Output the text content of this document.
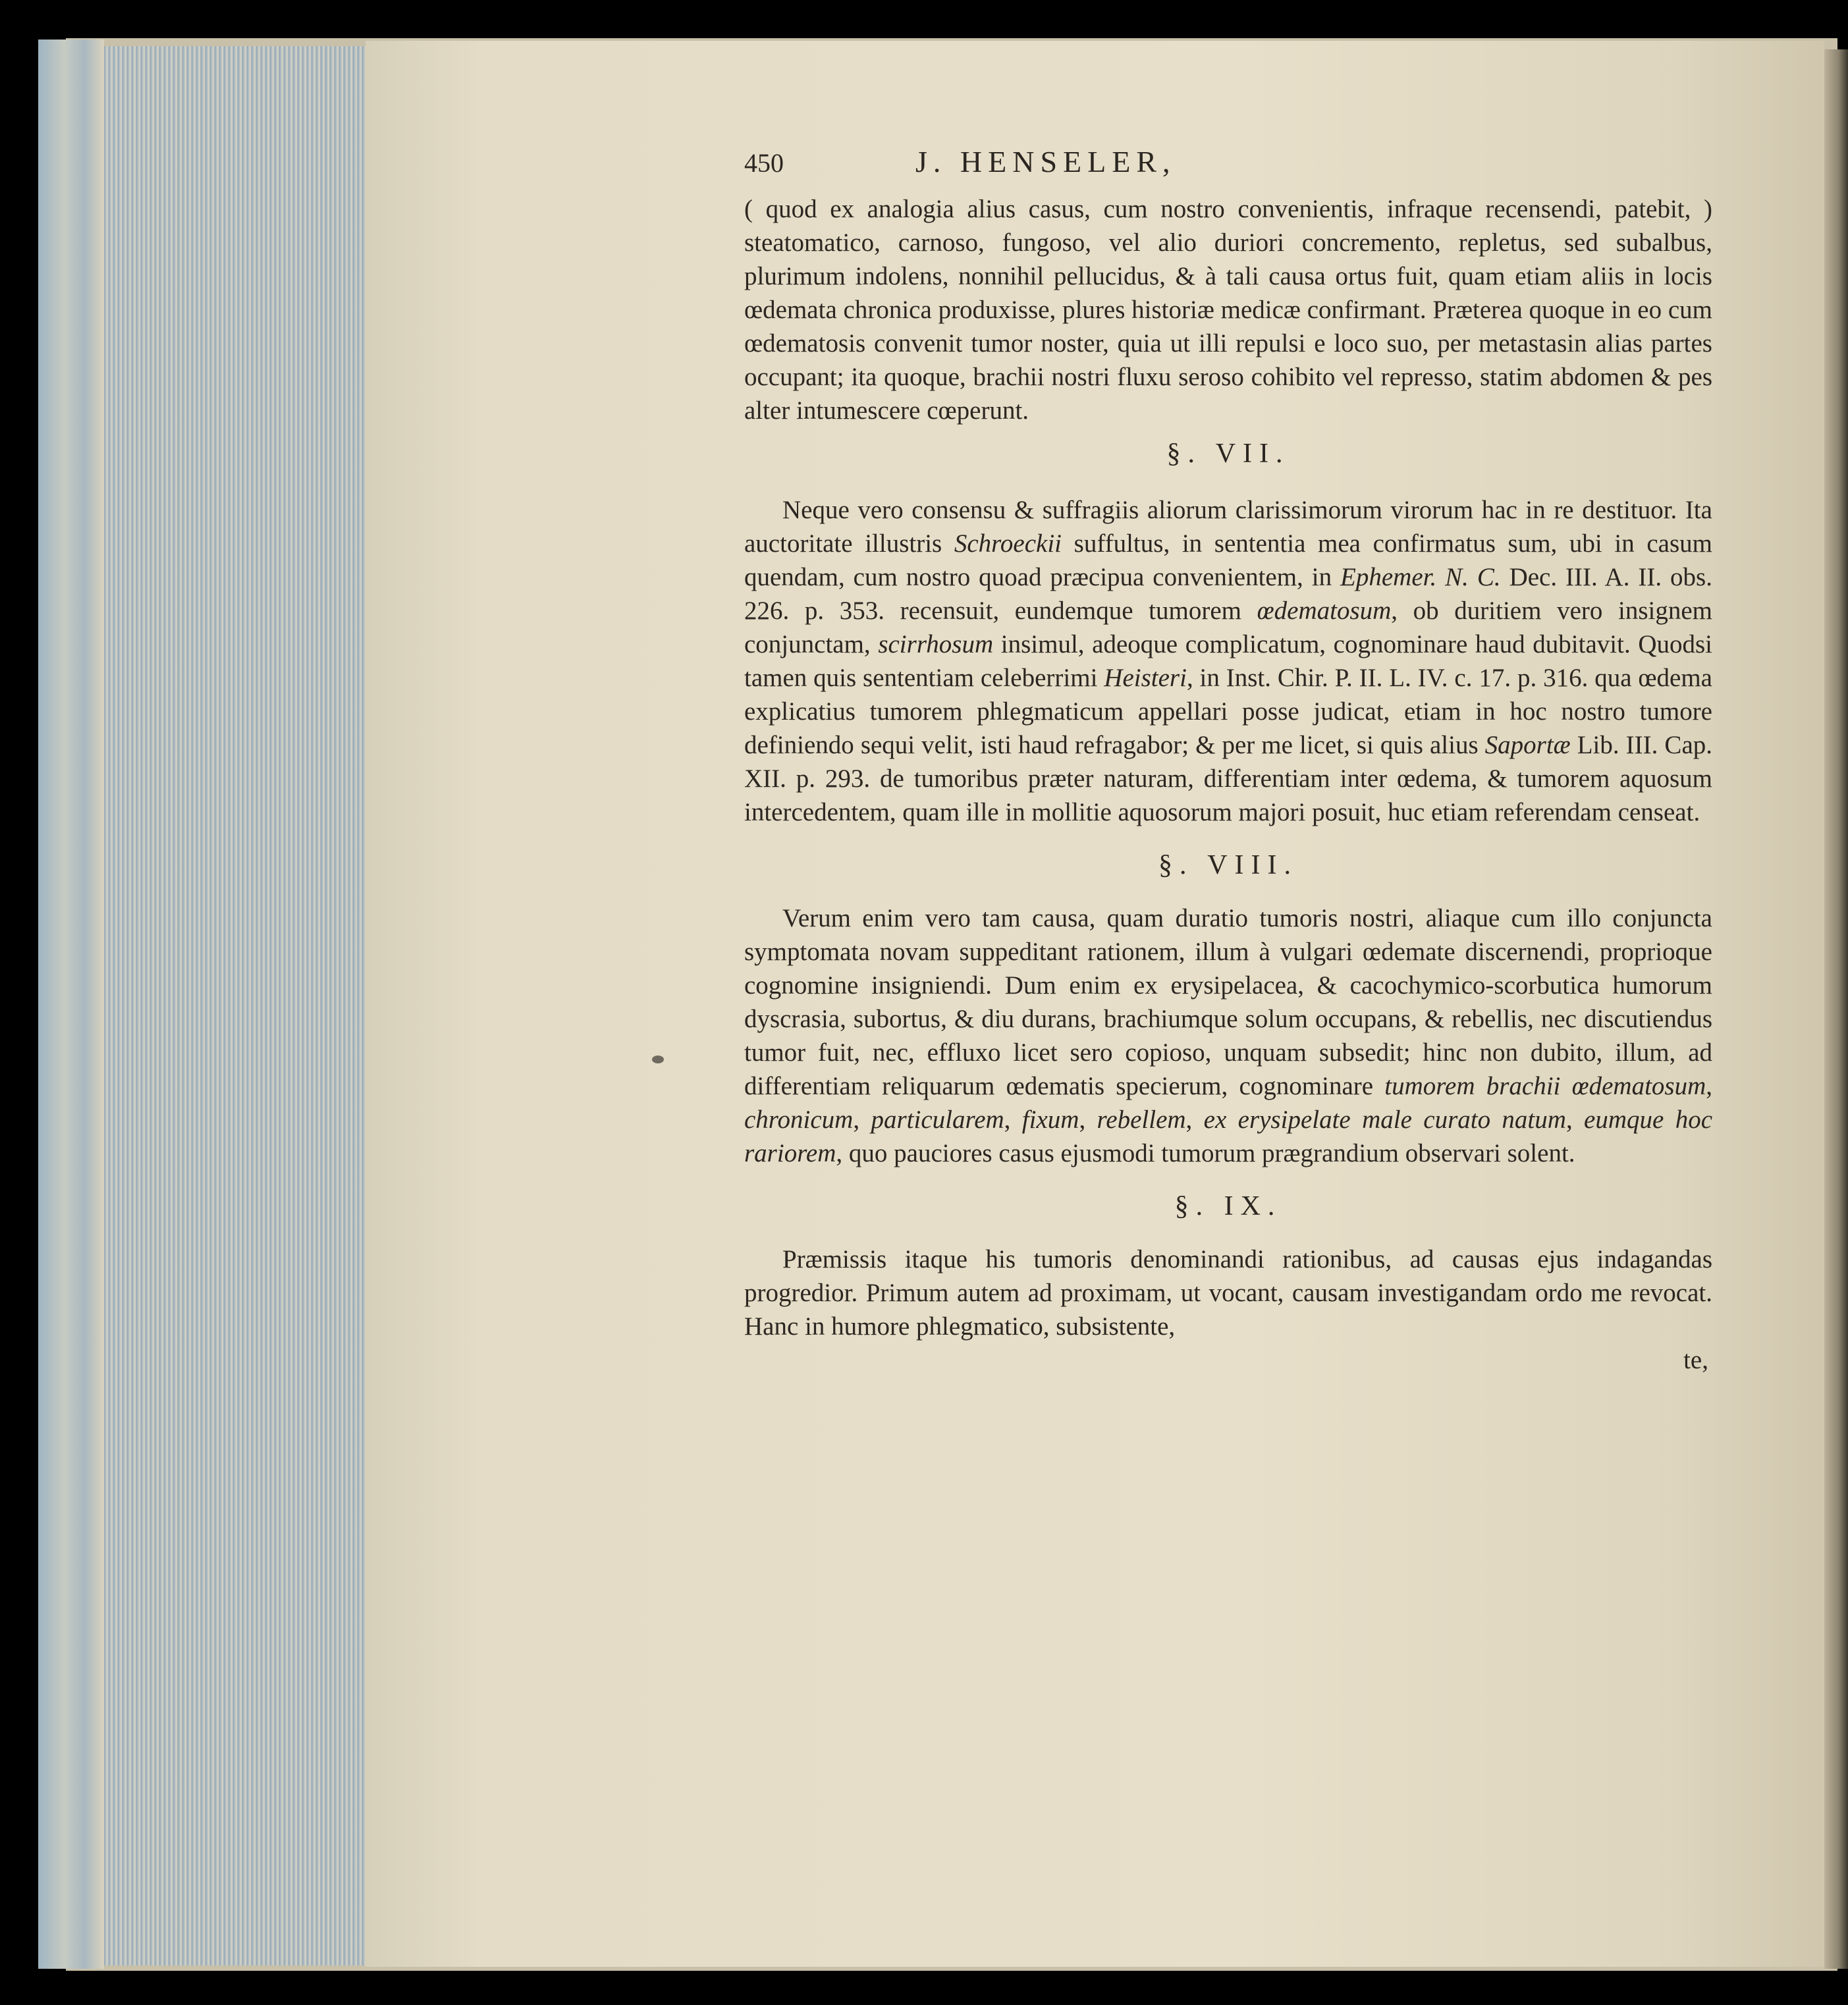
450	J. HENSELER,

( quod ex analogia alius casus, cum nostro convenientis, infraque recensendi, patebit, ) steatomatico, carnoso, fungoso, vel alio duriori concremento, repletus, sed subalbus, plurimum indolens, nonnihil pellucidus, & à tali causa ortus fuit, quam etiam aliis in locis œdemata chronica produxisse, plures historiæ medicæ confirmant. Præterea quoque in eo cum œdematosis convenit tumor noster, quia ut illi repulsi e loco suo, per metastasin alias partes occupant; ita quoque, brachii nostri fluxu seroso cohibito vel represso, statim abdomen & pes alter intumescere cœperunt.

§. VII.

Neque vero consensu & suffragiis aliorum clarissimorum virorum hac in re destituor. Ita auctoritate illustris Schroeckii suffultus, in sententia mea confirmatus sum, ubi in casum quendam, cum nostro quoad præcipua convenientem, in Ephemer. N. C. Dec. III. A. II. obs. 226. p. 353. recensuit, eundemque tumorem œdematosum, ob duritiem vero insignem conjunctam, scirrhosum insimul, adeoque complicatum, cognominare haud dubitavit. Quodsi tamen quis sententiam celeberrimi Heisteri, in Inst. Chir. P. II. L. IV. c. 17. p. 316. qua œdema explicatius tumorem phlegmaticum appellari posse judicat, etiam in hoc nostro tumore definiendo sequi velit, isti haud refragabor; & per me licet, si quis alius Saportæ Lib. III. Cap. XII. p. 293. de tumoribus præter naturam, differentiam inter œdema, & tumorem aquosum intercedentem, quam ille in mollitie aquosorum majori posuit, huc etiam referendam censeat.

§. VIII.

Verum enim vero tam causa, quam duratio tumoris nostri, aliaque cum illo conjuncta symptomata novam suppeditant rationem, illum à vulgari œdemate discernendi, proprioque cognomine insigniendi. Dum enim ex erysipelacea, & cacochymico-scorbutica humorum dyscrasia, subortus, & diu durans, brachiumque solum occupans, & rebellis, nec discutiendus tumor fuit, nec, effluxo licet sero copioso, unquam subsedit; hinc non dubito, illum, ad differentiam reliquarum œdematis specierum, cognominare tumorem brachii œdematosum, chronicum, particularem, fixum, rebellem, ex erysipelate male curato natum, eumque hoc rariorem, quo pauciores casus ejusmodi tumorum prægrandium observari solent.

§. IX.

Præmissis itaque his tumoris denominandi rationibus, ad causas ejus indagandas progredior. Primum autem ad proximam, ut vocant, causam investigandam ordo me revocat. Hanc in humore phlegmatico, subsistente,

te,
